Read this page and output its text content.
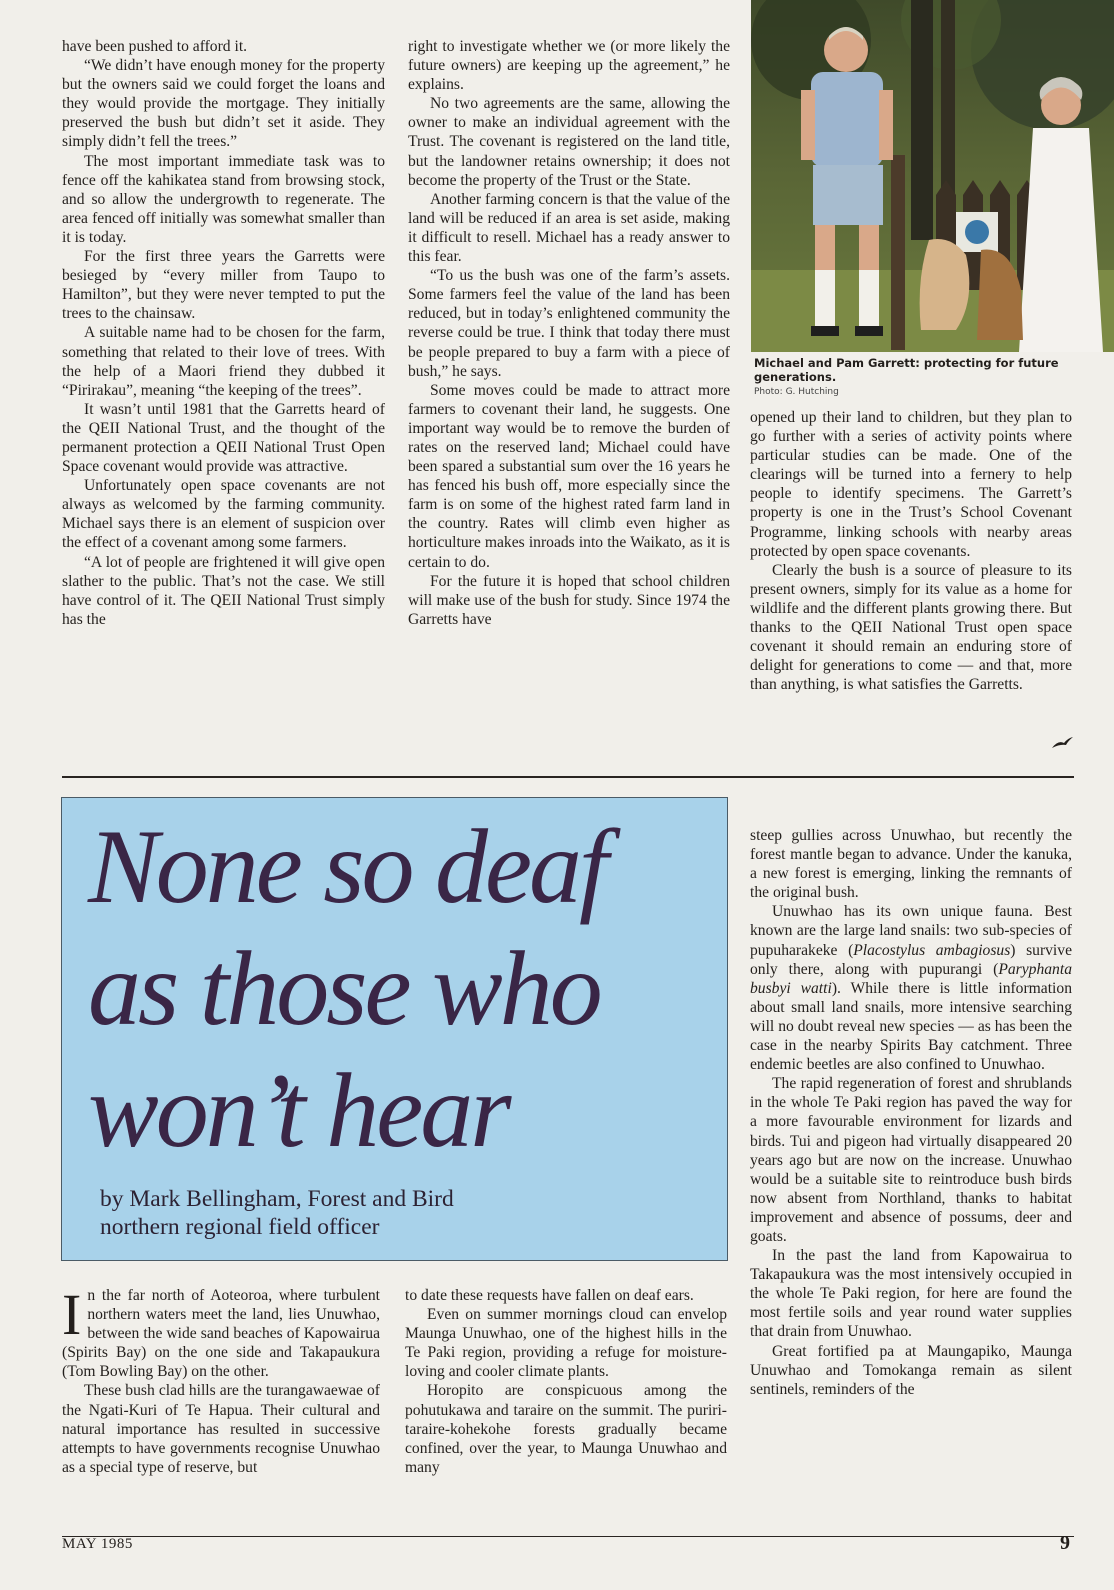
have been pushed to afford it.

“We didn’t have enough money for the property but the owners said we could forget the loans and they would provide the mortgage. They initially preserved the bush but didn’t set it aside. They simply didn’t fell the trees.”

The most important immediate task was to fence off the kahikatea stand from browsing stock, and so allow the undergrowth to regenerate. The area fenced off initially was somewhat smaller than it is today.

For the first three years the Garretts were besieged by “every miller from Taupo to Hamilton”, but they were never tempted to put the trees to the chainsaw.

A suitable name had to be chosen for the farm, something that related to their love of trees. With the help of a Maori friend they dubbed it “Pirirakau”, meaning “the keeping of the trees”.

It wasn’t until 1981 that the Garretts heard of the QEII National Trust, and the thought of the permanent protection a QEII National Trust Open Space covenant would provide was attractive.

Unfortunately open space covenants are not always as welcomed by the farming community. Michael says there is an element of suspicion over the effect of a covenant among some farmers.

“A lot of people are frightened it will give open slather to the public. That’s not the case. We still have control of it. The QEII National Trust simply has the

right to investigate whether we (or more likely the future owners) are keeping up the agreement,” he explains.

No two agreements are the same, allowing the owner to make an individual agreement with the Trust. The covenant is registered on the land title, but the landowner retains ownership; it does not become the property of the Trust or the State.

Another farming concern is that the value of the land will be reduced if an area is set aside, making it difficult to resell. Michael has a ready answer to this fear.

“To us the bush was one of the farm’s assets. Some farmers feel the value of the land has been reduced, but in today’s enlightened community the reverse could be true. I think that today there must be people prepared to buy a farm with a piece of bush,” he says.

Some moves could be made to attract more farmers to covenant their land, he suggests. One important way would be to remove the burden of rates on the reserved land; Michael could have been spared a substantial sum over the 16 years he has fenced his bush off, more especially since the farm is on some of the highest rated farm land in the country. Rates will climb even higher as horticulture makes inroads into the Waikato, as it is certain to do.

For the future it is hoped that school children will make use of the bush for study. Since 1974 the Garretts have

Michael and Pam Garrett: protecting for future generations.
Photo: G. Hutching

opened up their land to children, but they plan to go further with a series of activity points where particular studies can be made. One of the clearings will be turned into a fernery to help people to identify specimens. The Garrett’s property is one in the Trust’s School Covenant Programme, linking schools with nearby areas protected by open space covenants.

Clearly the bush is a source of pleasure to its present owners, simply for its value as a home for wildlife and the different plants growing there. But thanks to the QEII National Trust open space covenant it should remain an enduring store of delight for generations to come — and that, more than anything, is what satisfies the Garretts.

None so deaf
as those who
won’t hear
by Mark Bellingham, Forest and Bird
northern regional field officer

In the far north of Aoteoroa, where turbulent northern waters meet the land, lies Unuwhao, between the wide sand beaches of Kapowairua (Spirits Bay) on the one side and Takapaukura (Tom Bowling Bay) on the other.

These bush clad hills are the turangawaewae of the Ngati-Kuri of Te Hapua. Their cultural and natural importance has resulted in successive attempts to have governments recognise Unuwhao as a special type of reserve, but

to date these requests have fallen on deaf ears.

Even on summer mornings cloud can envelop Maunga Unuwhao, one of the highest hills in the Te Paki region, providing a refuge for moisture-loving and cooler climate plants.

Horopito are conspicuous among the pohutukawa and taraire on the summit. The puriri-taraire-kohekohe forests gradually became confined, over the year, to Maunga Unuwhao and many

steep gullies across Unuwhao, but recently the forest mantle began to advance. Under the kanuka, a new forest is emerging, linking the remnants of the original bush.

Unuwhao has its own unique fauna. Best known are the large land snails: two sub-species of pupuharakeke (Placostylus ambagiosus) survive only there, along with pupurangi (Paryphanta busbyi watti). While there is little information about small land snails, more intensive searching will no doubt reveal new species — as has been the case in the nearby Spirits Bay catchment. Three endemic beetles are also confined to Unuwhao.

The rapid regeneration of forest and shrublands in the whole Te Paki region has paved the way for a more favourable environment for lizards and birds. Tui and pigeon had virtually disappeared 20 years ago but are now on the increase. Unuwhao would be a suitable site to reintroduce bush birds now absent from Northland, thanks to habitat improvement and absence of possums, deer and goats.

In the past the land from Kapowairua to Takapaukura was the most intensively occupied in the whole Te Paki region, for here are found the most fertile soils and year round water supplies that drain from Unuwhao.

Great fortified pa at Maungapiko, Maunga Unuwhao and Tomokanga remain as silent sentinels, reminders of the

MAY 1985	9
